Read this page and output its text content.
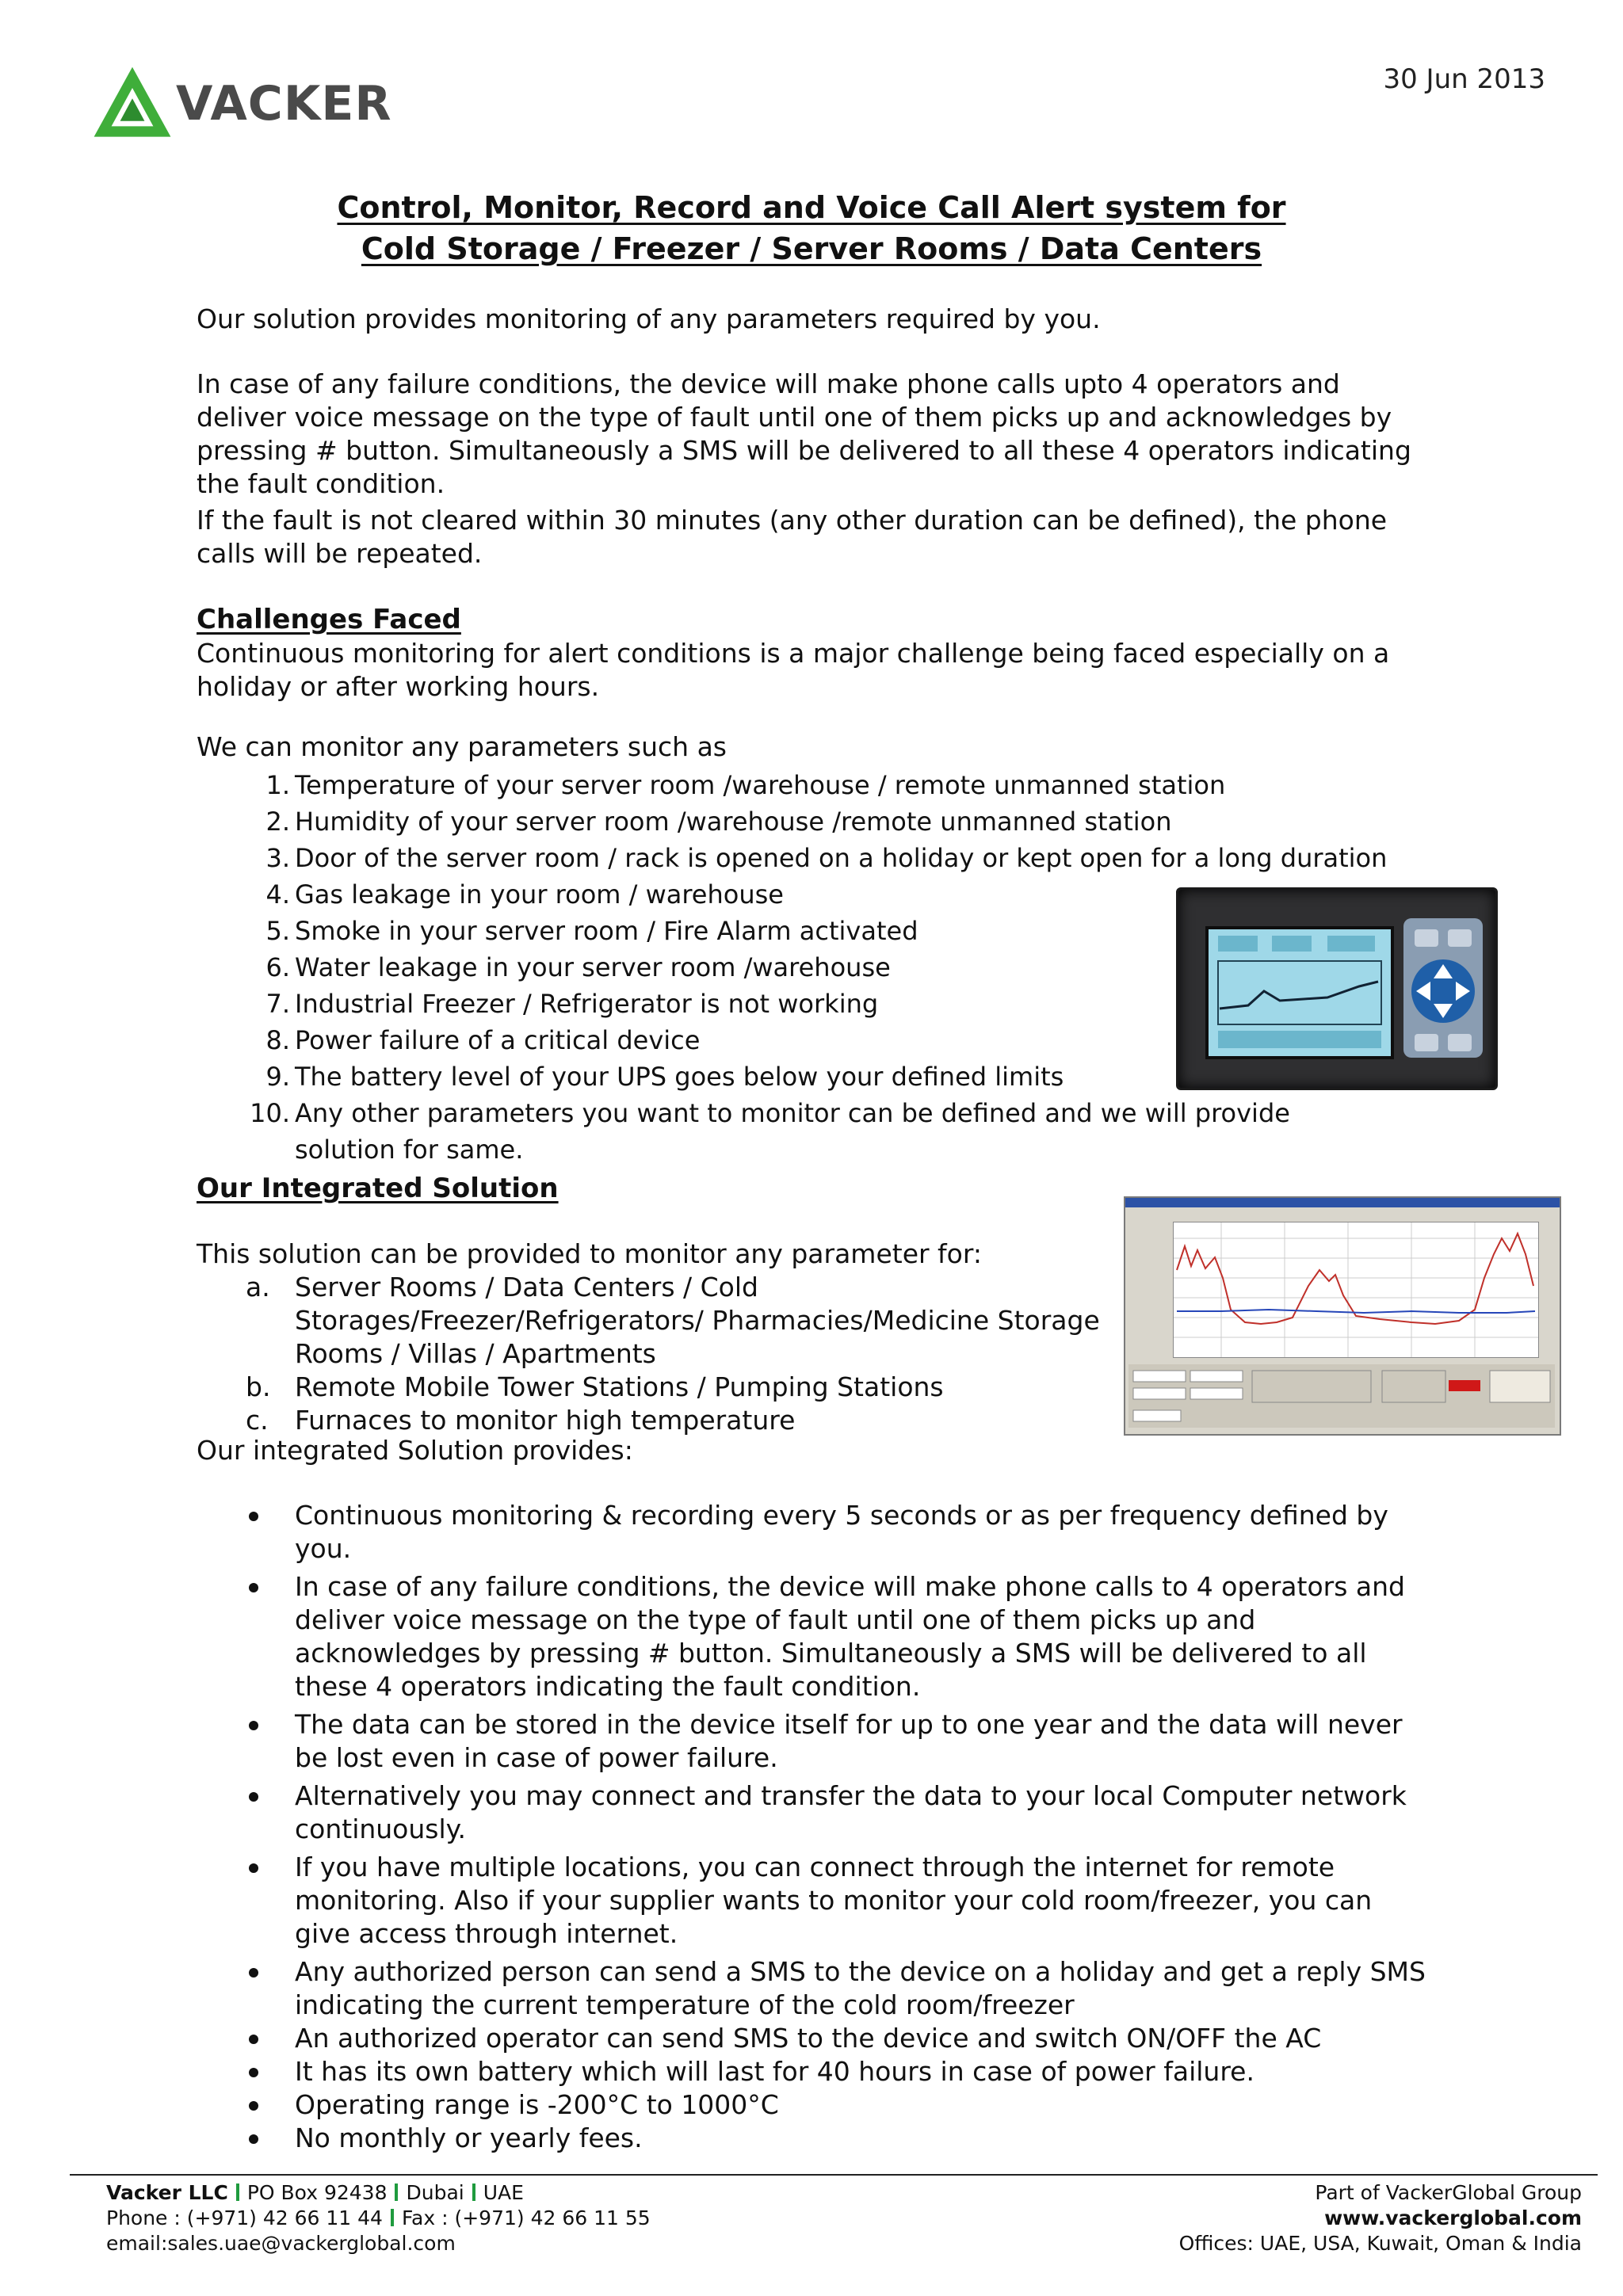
VACKER	30 Jun 2013
Control, Monitor, Record and Voice Call Alert system for
Cold Storage / Freezer / Server Rooms / Data Centers
Our solution provides monitoring of any parameters required by you.
In case of any failure conditions, the device will make phone calls upto 4 operators and deliver voice message on the type of fault until one of them picks up and acknowledges by pressing # button. Simultaneously a SMS will be delivered to all these 4 operators indicating the fault condition.
If the fault is not cleared within 30 minutes (any other duration can be defined), the phone calls will be repeated.
Challenges Faced
Continuous monitoring for alert conditions is a major challenge being faced especially on a holiday or after working hours.
We can monitor any parameters such as
1. Temperature of your server room /warehouse / remote unmanned station
2. Humidity of your server room /warehouse /remote unmanned station
3. Door of the server room / rack is opened on a holiday or kept open for a long duration
4. Gas leakage in your room / warehouse
5. Smoke in your server room / Fire Alarm activated
6. Water leakage in your server room /warehouse
7. Industrial Freezer / Refrigerator is not working
8. Power failure of a critical device
9. The battery level of your UPS goes below your defined limits
10. Any other parameters you want to monitor can be defined and we will provide solution for same.
Our Integrated Solution
This solution can be provided to monitor any parameter for:
a. Server Rooms / Data Centers / Cold Storages/Freezer/Refrigerators/ Pharmacies/Medicine Storage Rooms / Villas / Apartments
b. Remote Mobile Tower Stations / Pumping Stations
c. Furnaces to monitor high temperature
Our integrated Solution provides:
Continuous monitoring & recording every 5 seconds or as per frequency defined by you.
In case of any failure conditions, the device will make phone calls to 4 operators and deliver voice message on the type of fault until one of them picks up and acknowledges by pressing # button. Simultaneously a SMS will be delivered to all these 4 operators indicating the fault condition.
The data can be stored in the device itself for up to one year and the data will never be lost even in case of power failure.
Alternatively you may connect and transfer the data to your local Computer network continuously.
If you have multiple locations, you can connect through the internet for remote monitoring. Also if your supplier wants to monitor your cold room/freezer, you can give access through internet.
Any authorized person can send a SMS to the device on a holiday and get a reply SMS indicating the current temperature of the cold room/freezer
An authorized operator can send SMS to the device and switch ON/OFF the AC
It has its own battery which will last for 40 hours in case of power failure.
Operating range is -200°C to 1000°C
No monthly or yearly fees.
Vacker LLC PO Box 92438 Dubai UAE
Phone : (+971) 42 66 11 44 Fax : (+971) 42 66 11 55
email:sales.uae@vackerglobal.com
Part of VackerGlobal Group
www.vackerglobal.com
Offices: UAE, USA, Kuwait, Oman & India
